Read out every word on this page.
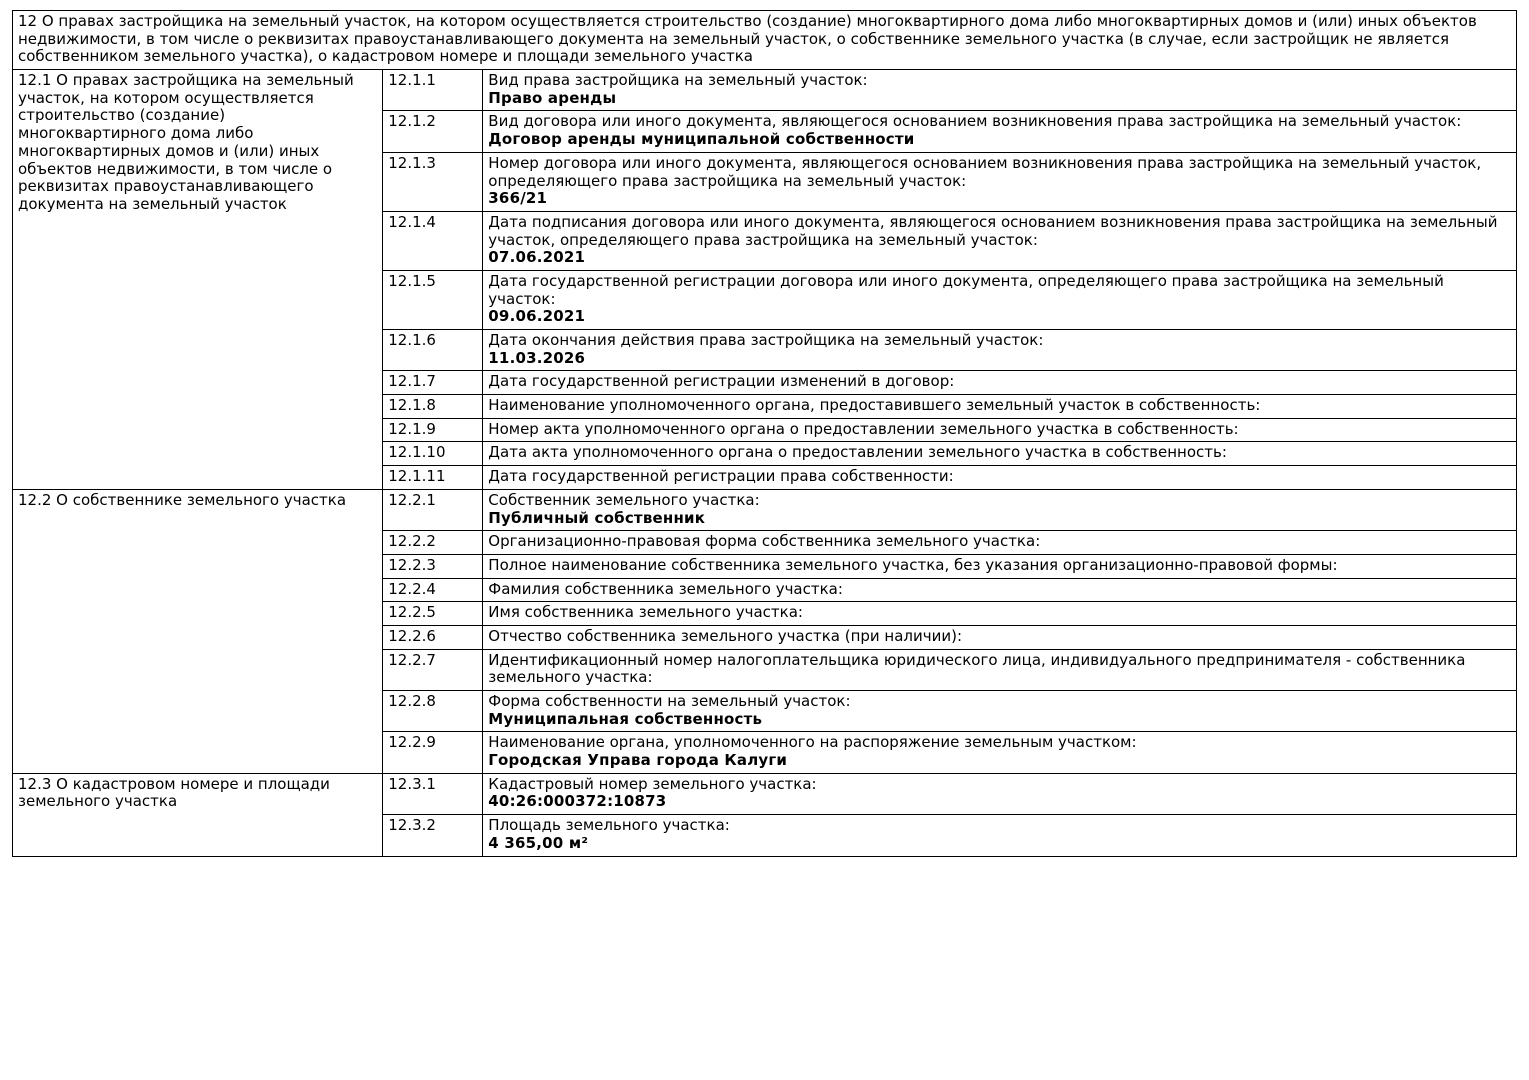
12 О правах застройщика на земельный участок, на котором осуществляется строительство (создание) многоквартирного дома либо многоквартирных домов и (или) иных объектов недвижимости, в том числе о реквизитах правоустанавливающего документа на земельный участок, о собственнике земельного участка (в случае, если застройщик не является собственником земельного участка), о кадастровом номере и площади земельного участка		
12.1 О правах застройщика на земельный участок, на котором осуществляется строительство (создание) многоквартирного дома либо многоквартирных домов и (или) иных объектов недвижимости, в том числе о реквизитах правоустанавливающего документа на земельный участок	12.1.1	Вид права застройщика на земельный участок:
Право аренды

	12.1.2	Вид договора или иного документа, являющегося основанием возникновения права застройщика на земельный участок:
Договор аренды муниципальной собственности

	12.1.3	Номер договора или иного документа, являющегося основанием возникновения права застройщика на земельный участок, определяющего права застройщика на земельный участок:
366/21

	12.1.4	Дата подписания договора или иного документа, являющегося основанием возникновения права застройщика на земельный участок, определяющего права застройщика на земельный участок:
07.06.2021

	12.1.5	Дата государственной регистрации договора или иного документа, определяющего права застройщика на земельный участок:
09.06.2021

	12.1.6	Дата окончания действия права застройщика на земельный участок:
11.03.2026

	12.1.7	Дата государственной регистрации изменений в договор:

	12.1.8	Наименование уполномоченного органа, предоставившего земельный участок в собственность:

	12.1.9	Номер акта уполномоченного органа о предоставлении земельного участка в собственность:

	12.1.10	Дата акта уполномоченного органа о предоставлении земельного участка в собственность:

	12.1.11	Дата государственной регистрации права собственности:

12.2 О собственнике земельного участка	12.2.1	Собственник земельного участка:
Публичный собственник

	12.2.2	Организационно-правовая форма собственника земельного участка:

	12.2.3	Полное наименование собственника земельного участка, без указания организационно-правовой формы:

	12.2.4	Фамилия собственника земельного участка:

	12.2.5	Имя собственника земельного участка:

	12.2.6	Отчество собственника земельного участка (при наличии):

	12.2.7	Идентификационный номер налогоплательщика юридического лица, индивидуального предпринимателя - собственника земельного участка:

	12.2.8	Форма собственности на земельный участок:
Муниципальная собственность

	12.2.9	Наименование органа, уполномоченного на распоряжение земельным участком:
Городская Управа города Калуги

12.3 О кадастровом номере и площади земельного участка	12.3.1	Кадастровый номер земельного участка:
40:26:000372:10873

	12.3.2	Площадь земельного участка:
4 365,00 м²
